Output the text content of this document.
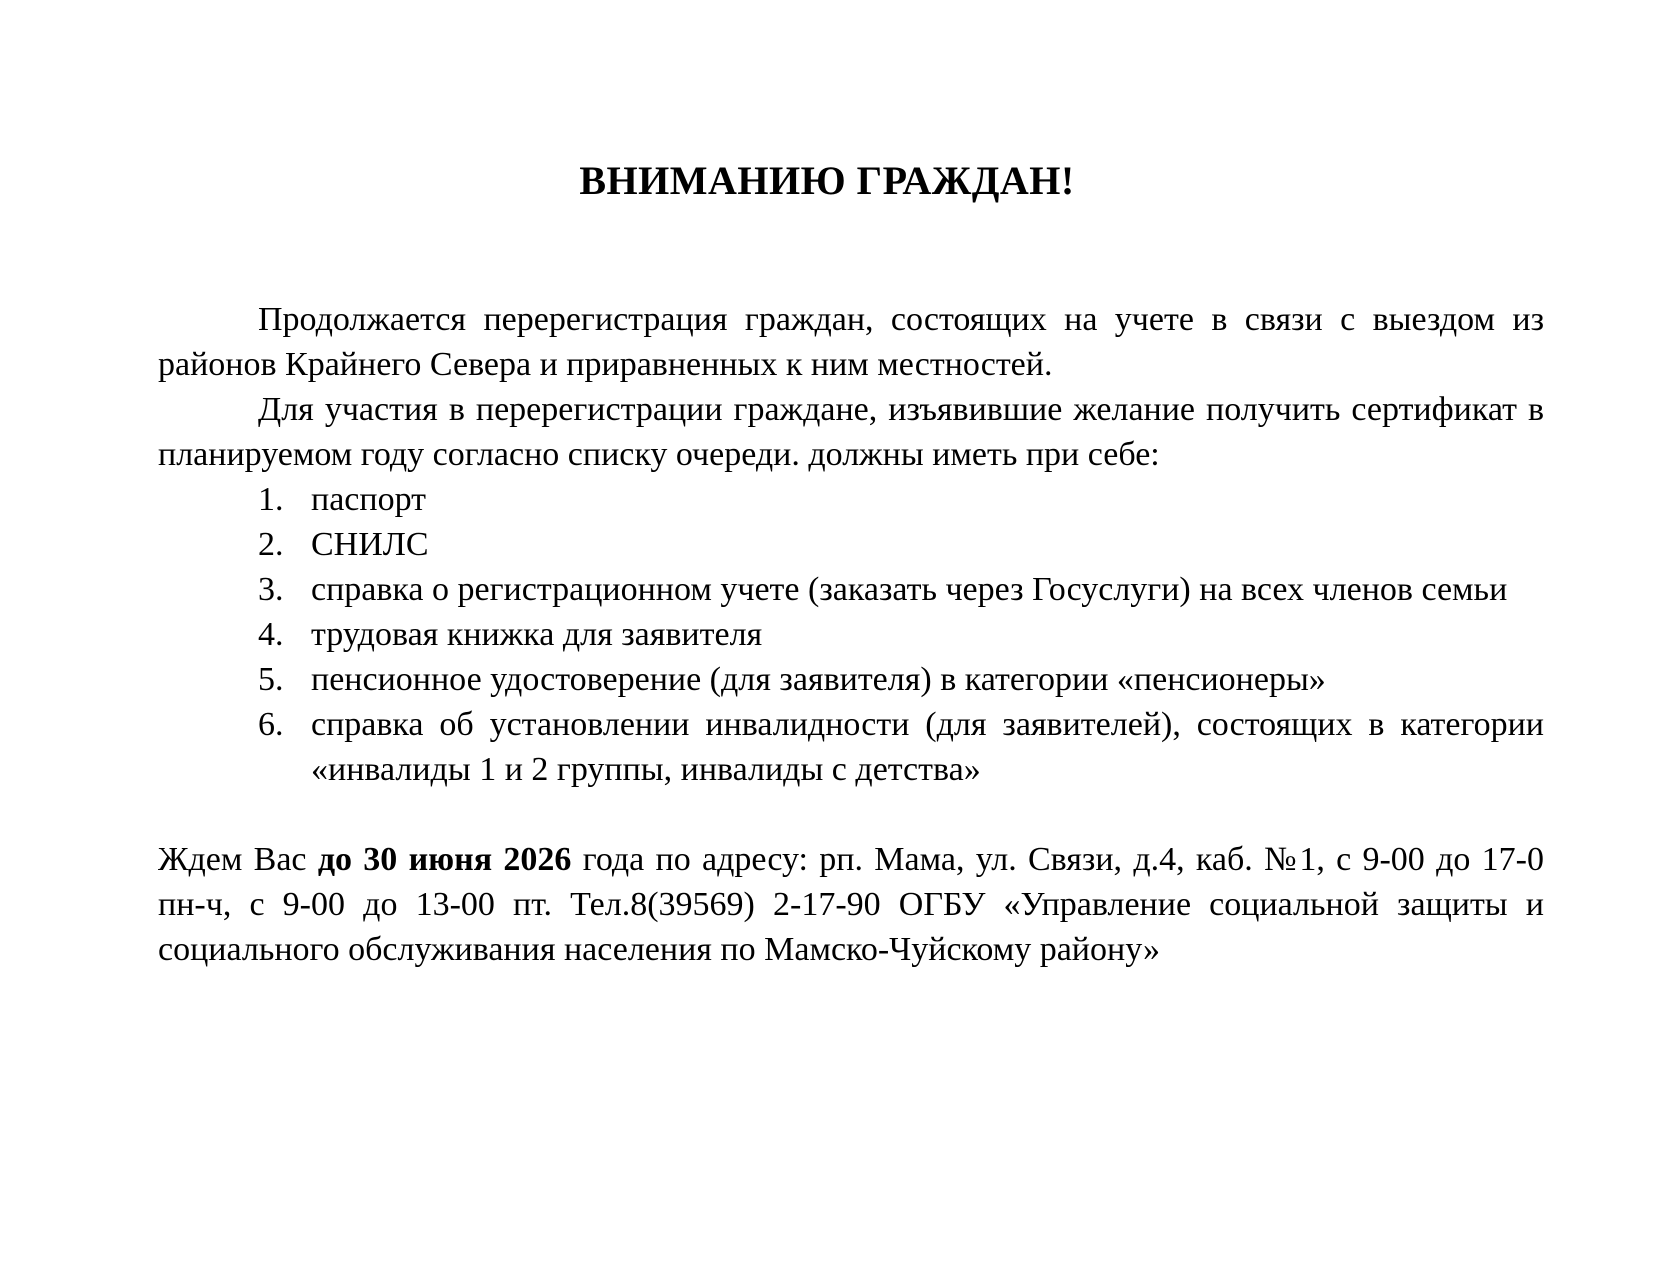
ВНИМАНИЮ ГРАЖДАН!

Продолжается перерегистрация граждан, состоящих на учете в связи с выездом из районов Крайнего Севера и приравненных к ним местностей.

Для участия в перерегистрации граждане, изъявившие желание получить сертификат в планируемом году согласно списку очереди. должны иметь при себе:

1. паспорт
2. СНИЛС
3. справка о регистрационном учете (заказать через Госуслуги) на всех членов семьи
4. трудовая книжка для заявителя
5. пенсионное удостоверение (для заявителя) в категории «пенсионеры»
6. справка об установлении инвалидности (для заявителей), состоящих в категории «инвалиды 1 и 2 группы, инвалиды с детства»

Ждем Вас до 30 июня 2026 года по адресу: рп. Мама, ул. Связи, д.4, каб. №1, с 9-00 до 17-0 пн-ч, с 9-00 до 13-00 пт. Тел.8(39569) 2-17-90 ОГБУ «Управление социальной защиты и социального обслуживания населения по Мамско-Чуйскому району»
